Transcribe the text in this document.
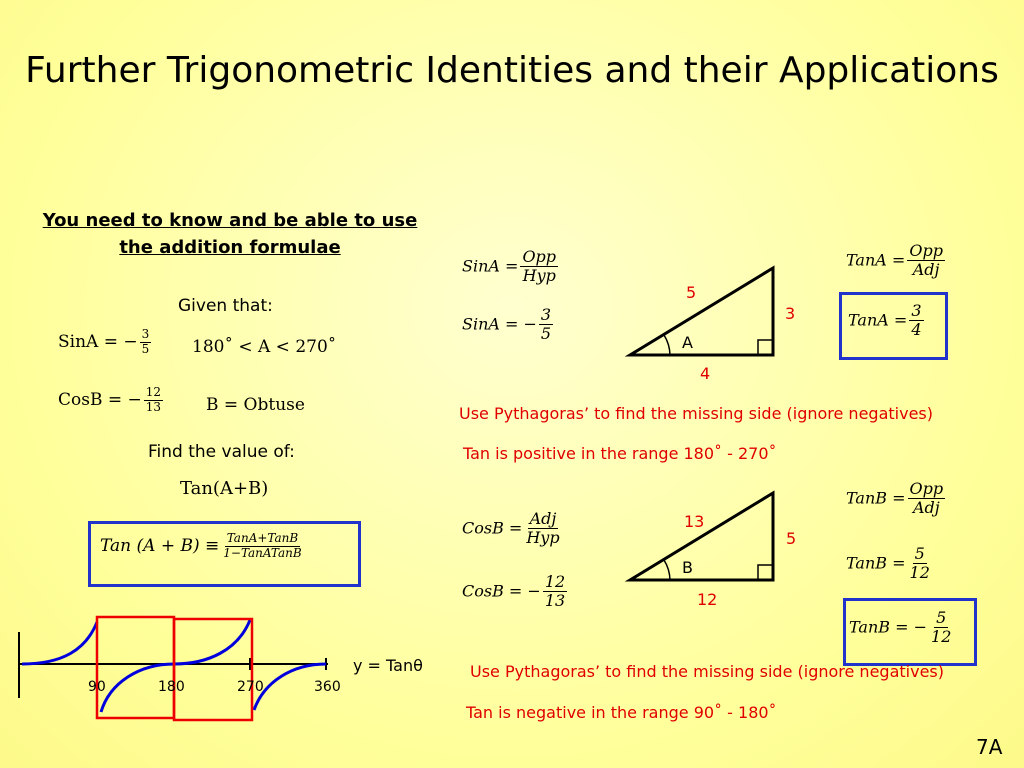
Further Trigonometric Identities and their Applications
You need to know and be able to use the addition formulae
Given that:
SinA = − $\frac{3}{5}$ 180˚ < A < 270˚
CosB = − $\frac{12}{13}$	B = Obtuse
Find the value of:
Tan(A+B)
Tan $(A + B) \equiv \frac{\text{TanA+TanB}}{\text{1−TanATanB}}$
y = Tanθ
90	180	270	360
SinA = $\frac{\text{Opp}}{\text{Hyp}}$
SinA = − $\frac{3}{5}$
5
3
4
A
TanA = $\frac{\text{Opp}}{\text{Adj}}$
TanA = $\frac{3}{4}$
Use Pythagoras’ to find the missing side (ignore negatives)
Tan is positive in the range 180˚ - 270˚
CosB = $\frac{\text{Adj}}{\text{Hyp}}$
CosB = − $\frac{12}{13}$
13
5
12
B
TanB = $\frac{\text{Opp}}{\text{Adj}}$
TanB = $\frac{5}{12}$
TanB = − $\frac{5}{12}$
Use Pythagoras’ to find the missing side (ignore negatives)
Tan is negative in the range 90˚ - 180˚
7A
